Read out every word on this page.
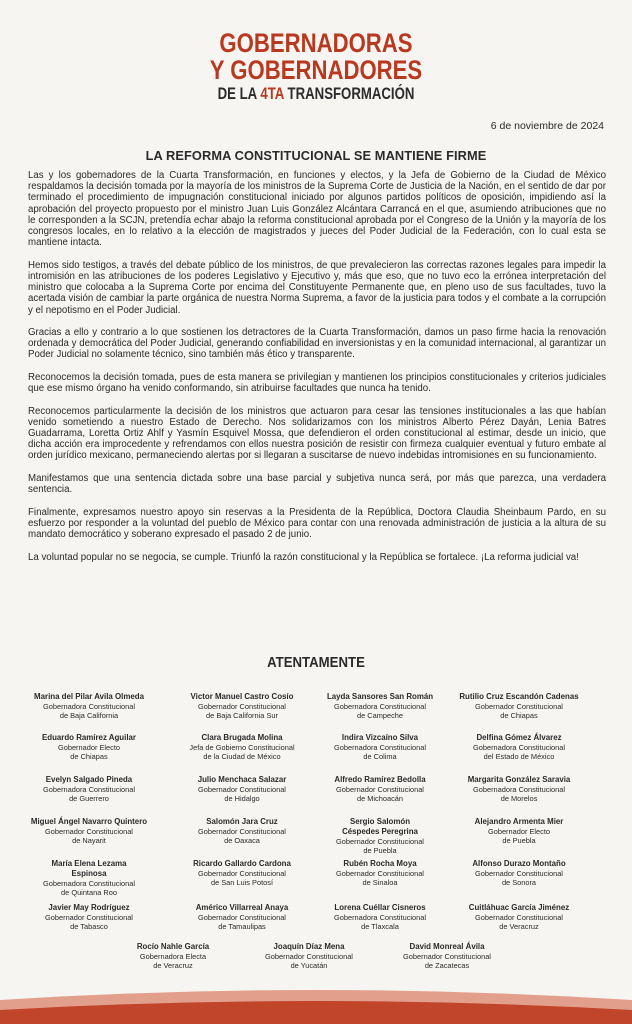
GOBERNADORAS
Y GOBERNADORES
DE LA 4TA TRANSFORMACIÓN
6 de noviembre de 2024
LA REFORMA CONSTITUCIONAL SE MANTIENE FIRME

Las y los gobernadores de la Cuarta Transformación, en funciones y electos, y la Jefa de Gobierno de la Ciudad de México respaldamos la decisión tomada por la mayoría de los ministros de la Suprema Corte de Justicia de la Nación, en el sentido de dar por terminado el procedimiento de impugnación constitucional iniciado por algunos partidos políticos de oposición, impidiendo así la aprobación del proyecto propuesto por el ministro Juan Luis González Alcántara Carrancá en el que, asumiendo atribuciones que no le corresponden a la SCJN, pretendía echar abajo la reforma constitucional aprobada por el Congreso de la Unión y la mayoría de los congresos locales, en lo relativo a la elección de magistrados y jueces del Poder Judicial de la Federación, con lo cual esta se mantiene intacta.

Hemos sido testigos, a través del debate público de los ministros, de que prevalecieron las correctas razones legales para impedir la intromisión en las atribuciones de los poderes Legislativo y Ejecutivo y, más que eso, que no tuvo eco la errónea interpretación del ministro que colocaba a la Suprema Corte por encima del Constituyente Permanente que, en pleno uso de sus facultades, tuvo la acertada visión de cambiar la parte orgánica de nuestra Norma Suprema, a favor de la justicia para todos y el combate a la corrupción y el nepotismo en el Poder Judicial.

Gracias a ello y contrario a lo que sostienen los detractores de la Cuarta Transformación, damos un paso firme hacia la renovación ordenada y democrática del Poder Judicial, generando confiabilidad en inversionistas y en la comunidad internacional, al garantizar un Poder Judicial no solamente técnico, sino también más ético y transparente.

Reconocemos la decisión tomada, pues de esta manera se privilegian y mantienen los principios constitucionales y criterios judiciales que ese mismo órgano ha venido conformando, sin atribuirse facultades que nunca ha tenido.

Reconocemos particularmente la decisión de los ministros que actuaron para cesar las tensiones institucionales a las que habían venido sometiendo a nuestro Estado de Derecho. Nos solidarizamos con los ministros Alberto Pérez Dayán, Lenia Batres Guadarrama, Loretta Ortiz Ahlf y Yasmín Esquivel Mossa, que defendieron el orden constitucional al estimar, desde un inicio, que dicha acción era improcedente y refrendamos con ellos nuestra posición de resistir con firmeza cualquier eventual y futuro embate al orden jurídico mexicano, permaneciendo alertas por si llegaran a suscitarse de nuevo indebidas intromisiones en su funcionamiento.

Manifestamos que una sentencia dictada sobre una base parcial y subjetiva nunca será, por más que parezca, una verdadera sentencia.

Finalmente, expresamos nuestro apoyo sin reservas a la Presidenta de la República, Doctora Claudia Sheinbaum Pardo, en su esfuerzo por responder a la voluntad del pueblo de México para contar con una renovada administración de justicia a la altura de su mandato democrático y soberano expresado el pasado 2 de junio.

La voluntad popular no se negocia, se cumple. Triunfó la razón constitucional y la República se fortalece. ¡La reforma judicial va!

ATENTAMENTE
Marina del Pilar Avila Olmeda
Gobernadora Constitucional
de Baja California
Victor Manuel Castro Cosío
Gobernador Constitucional
de Baja California Sur
Layda Sansores San Román
Gobernadora Constitucional
de Campeche
Rutilio Cruz Escandón Cadenas
Gobernador Constitucional
de Chiapas
Eduardo Ramírez Aguilar
Gobernador Electo
de Chiapas
Clara Brugada Molina
Jefa de Gobierno Constitucional
de la Ciudad de México
Indira Vizcaíno Silva
Gobernadora Constitucional
de Colima
Delfina Gómez Álvarez
Gobernadora Constitucional
del Estado de México
Evelyn Salgado Pineda
Gobernadora Constitucional
de Guerrero
Julio Menchaca Salazar
Gobernador Constitucional
de Hidalgo
Alfredo Ramírez Bedolla
Gobernador Constitucional
de Michoacán
Margarita González Saravia
Gobernadora Constitucional
de Morelos
Miguel Ángel Navarro Quintero
Gobernador Constitucional
de Nayarit
Salomón Jara Cruz
Gobernador Constitucional
de Oaxaca
Sergio Salomón Céspedes Peregrina
Gobernador Constitucional
de Puebla
Alejandro Armenta Mier
Gobernador Electo
de Puebla
María Elena Lezama Espinosa
Gobernadora Constitucional
de Quintana Roo
Ricardo Gallardo Cardona
Gobernador Constitucional
de San Luis Potosí
Rubén Rocha Moya
Gobernador Constitucional
de Sinaloa
Alfonso Durazo Montaño
Gobernador Constitucional
de Sonora
Javier May Rodríguez
Gobernador Constitucional
de Tabasco
Américo Villarreal Anaya
Gobernador Constitucional
de Tamaulipas
Lorena Cuéllar Cisneros
Gobernadora Constitucional
de Tlaxcala
Cuitláhuac García Jiménez
Gobernador Constitucional
de Veracruz
Rocío Nahle García
Gobernadora Electa
de Veracruz
Joaquín Díaz Mena
Gobernador Constitucional
de Yucatán
David Monreal Ávila
Gobernador Constitucional
de Zacatecas
